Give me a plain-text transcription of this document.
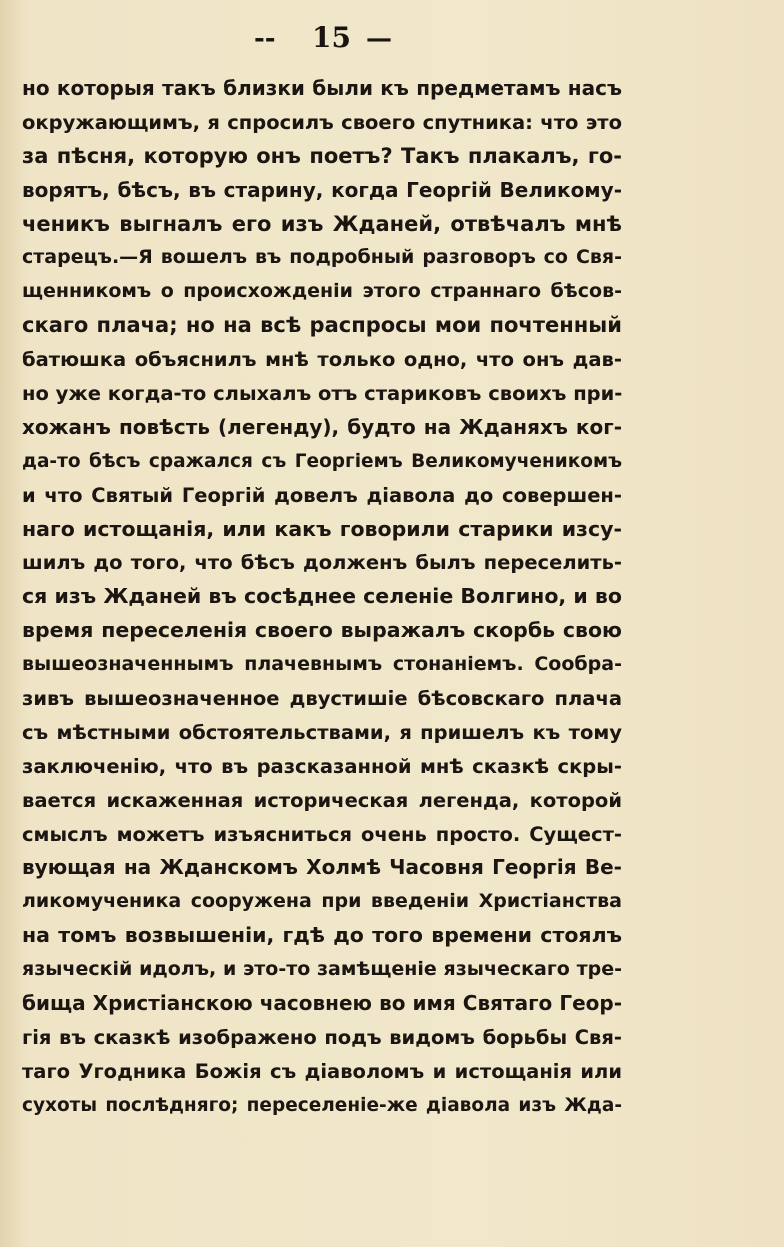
-- 15 —
но которыя такъ близки были къ предметамъ насъ
окружающимъ, я спросилъ своего спутника: что это
за пѣсня, которую онъ поетъ? Такъ плакалъ, го-
ворятъ, бѣсъ, въ старину, когда Георгій Великому-
ченикъ выгналъ его изъ Жданей, отвѣчалъ мнѣ
старецъ.—Я вошелъ въ подробный разговоръ со Свя-
щенникомъ о происхожденіи этого страннаго бѣсов-
скаго плача; но на всѣ распросы мои почтенный
батюшка объяснилъ мнѣ только одно, что онъ дав-
но уже когда-то слыхалъ отъ стариковъ своихъ при-
хожанъ повѣсть (легенду), будто на Жданяхъ ког-
да-то бѣсъ сражался съ Георгіемъ Великомученикомъ
и что Святый Георгій довелъ діавола до совершен-
наго истощанія, или какъ говорили старики изсу-
шилъ до того, что бѣсъ долженъ былъ переселить-
ся изъ Жданей въ сосѣднее селеніе Волгино, и во
время переселенія своего выражалъ скорбь свою
вышеозначеннымъ плачевнымъ стонаніемъ. Сообра-
зивъ вышеозначенное двустишіе бѣсовскаго плача
съ мѣстными обстоятельствами, я пришелъ къ тому
заключенію, что въ разсказанной мнѣ сказкѣ скры-
вается искаженная историческая легенда, которой
смыслъ можетъ изъясниться очень просто. Сущест-
вующая на Жданскомъ Холмѣ Часовня Георгія Ве-
ликомученика сооружена при введеніи Христіанства
на томъ возвышеніи, гдѣ до того времени стоялъ
языческій идолъ, и это-то замѣщеніе языческаго тре-
бища Христіанскою часовнею во имя Святаго Геор-
гія въ сказкѣ изображено подъ видомъ борьбы Свя-
таго Угодника Божія съ діаволомъ и истощанія или
сухоты послѣдняго; переселеніе-же діавола изъ Жда-
